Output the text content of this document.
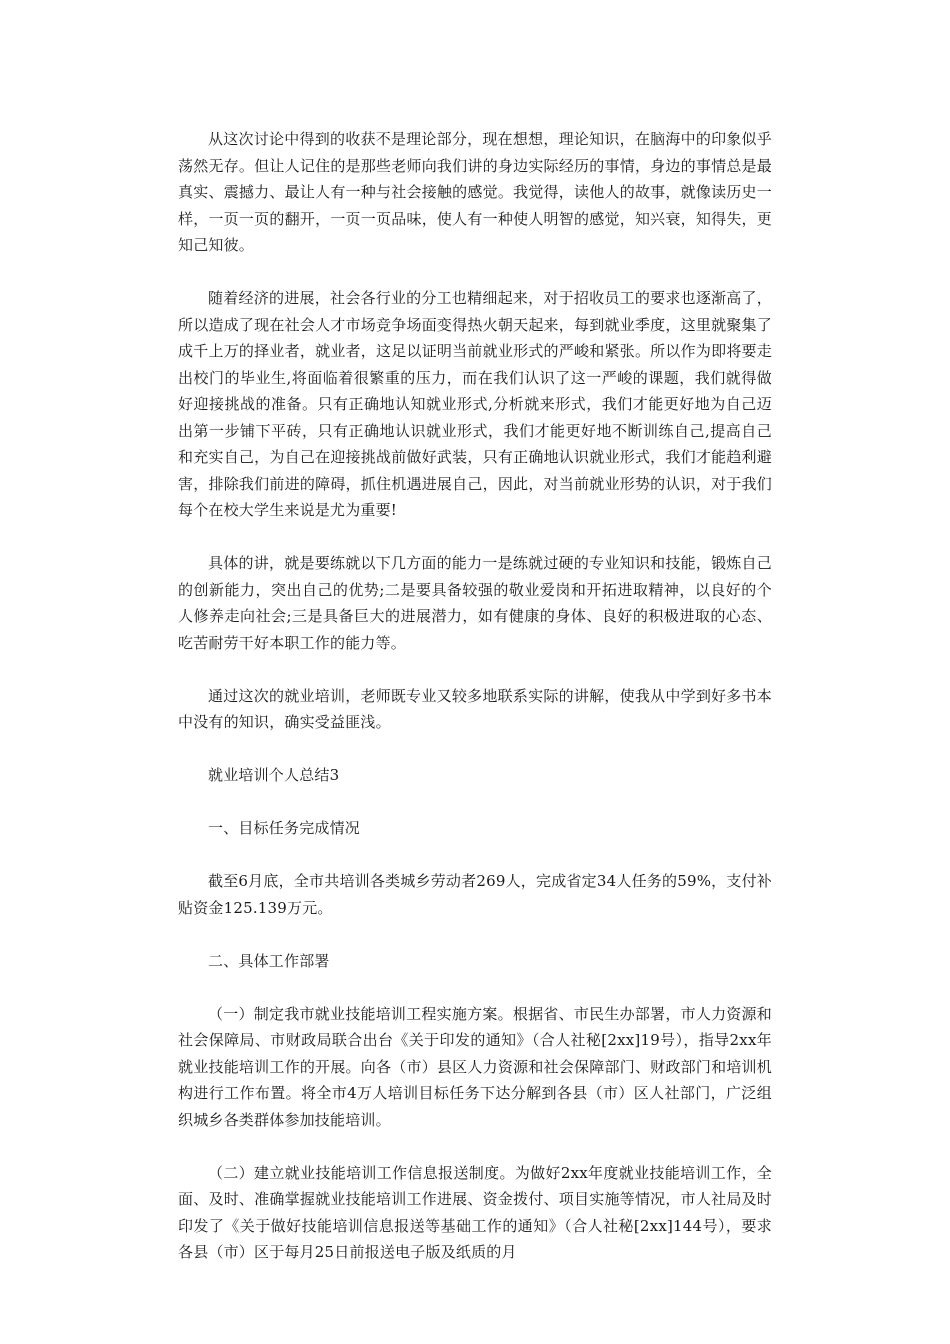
从这次讨论中得到的收获不是理论部分，现在想想，理论知识，在脑海中的印象似乎荡然无存。但让人记住的是那些老师向我们讲的身边实际经历的事情，身边的事情总是最真实、震撼力、最让人有一种与社会接触的感觉。我觉得，读他人的故事，就像读历史一样，一页一页的翻开，一页一页品味，使人有一种使人明智的感觉，知兴衰，知得失，更知己知彼。

随着经济的进展，社会各行业的分工也精细起来，对于招收员工的要求也逐渐高了，所以造成了现在社会人才市场竞争场面变得热火朝天起来，每到就业季度，这里就聚集了成千上万的择业者，就业者，这足以证明当前就业形式的严峻和紧张。所以作为即将要走出校门的毕业生,将面临着很繁重的压力，而在我们认识了这一严峻的课题，我们就得做好迎接挑战的准备。只有正确地认知就业形式,分析就来形式，我们才能更好地为自己迈出第一步铺下平砖，只有正确地认识就业形式，我们才能更好地不断训练自己,提高自己和充实自己，为自己在迎接挑战前做好武装，只有正确地认识就业形式，我们才能趋利避害，排除我们前进的障碍，抓住机遇进展自己，因此，对当前就业形势的认识，对于我们每个在校大学生来说是尤为重要!

具体的讲，就是要练就以下几方面的能力一是练就过硬的专业知识和技能，锻炼自己的创新能力，突出自己的优势;二是要具备较强的敬业爱岗和开拓进取精神，以良好的个人修养走向社会;三是具备巨大的进展潜力，如有健康的身体、良好的积极进取的心态、吃苦耐劳干好本职工作的能力等。

通过这次的就业培训，老师既专业又较多地联系实际的讲解，使我从中学到好多书本中没有的知识，确实受益匪浅。

就业培训个人总结3

一、目标任务完成情况

截至6月底，全市共培训各类城乡劳动者269人，完成省定34人任务的59%，支付补贴资金125.139万元。

二、具体工作部署

（一）制定我市就业技能培训工程实施方案。根据省、市民生办部署，市人力资源和社会保障局、市财政局联合出台《关于印发的通知》（合人社秘[2xx]19号），指导2xx年就业技能培训工作的开展。向各（市）县区人力资源和社会保障部门、财政部门和培训机构进行工作布置。将全市4万人培训目标任务下达分解到各县（市）区人社部门，广泛组织城乡各类群体参加技能培训。

（二）建立就业技能培训工作信息报送制度。为做好2xx年度就业技能培训工作，全面、及时、准确掌握就业技能培训工作进展、资金拨付、项目实施等情况，市人社局及时印发了《关于做好技能培训信息报送等基础工作的通知》（合人社秘[2xx]144号），要求各县（市）区于每月25日前报送电子版及纸质的月
